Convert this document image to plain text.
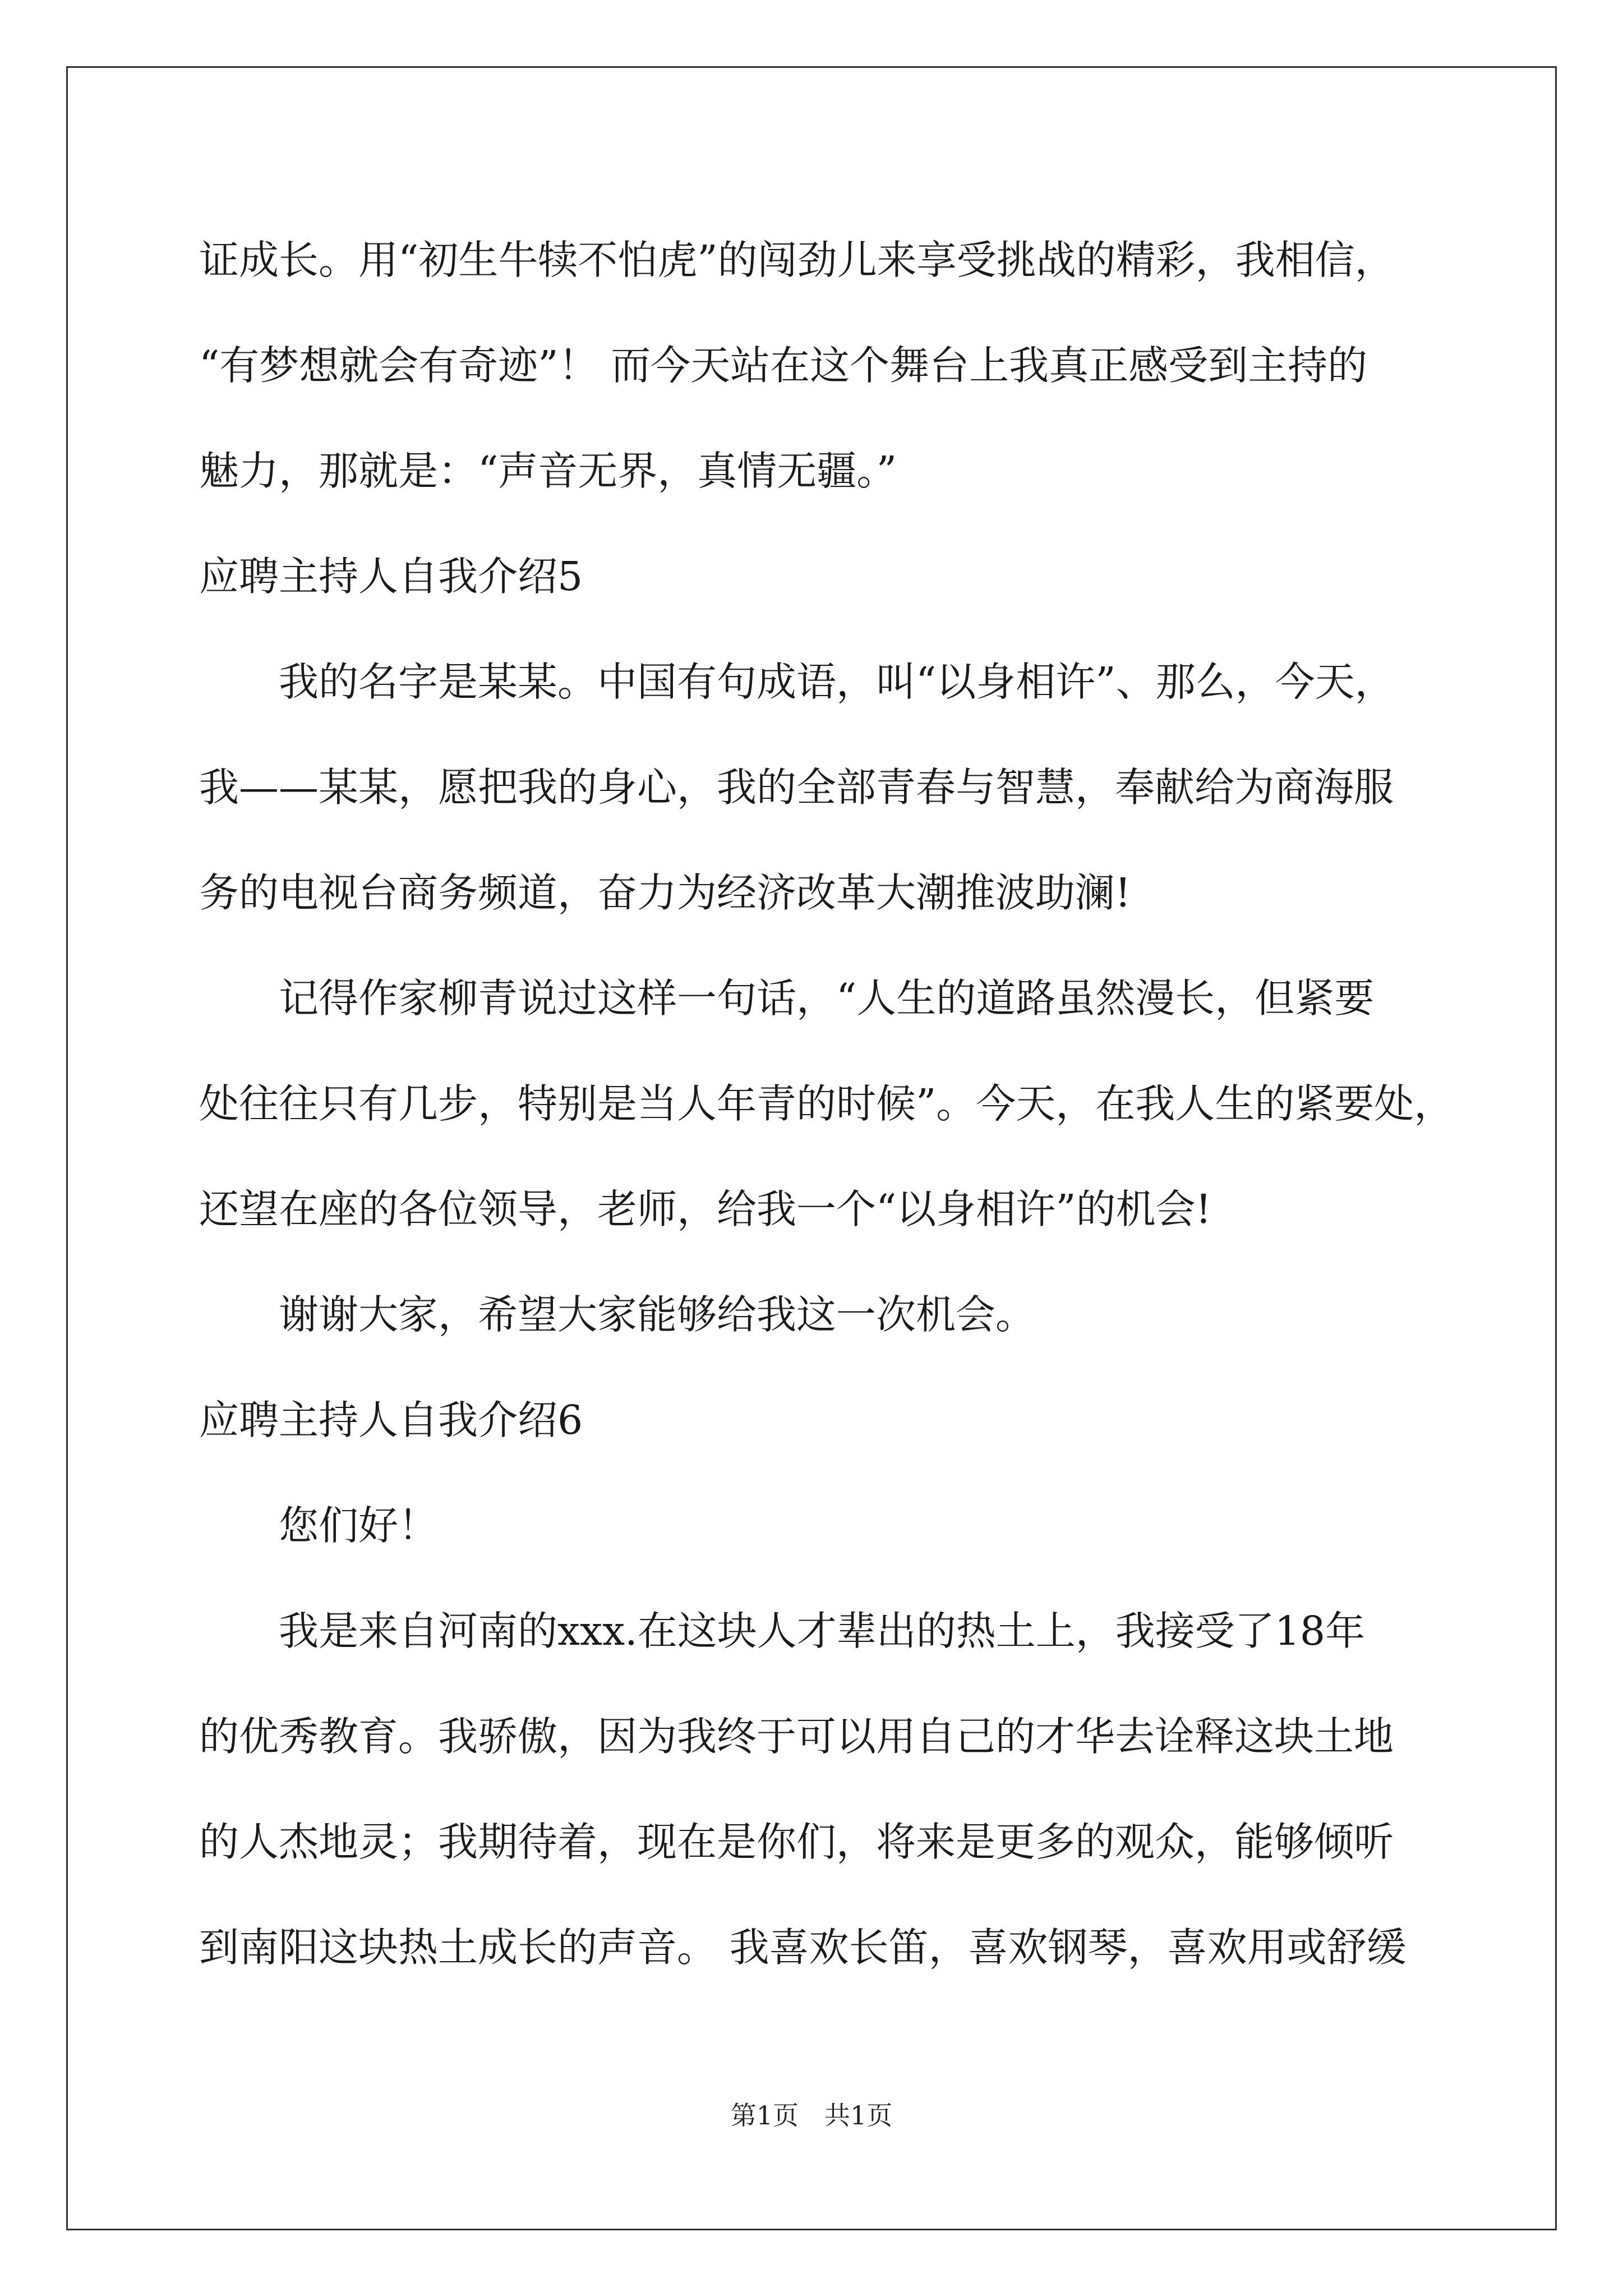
证成长。用“初生牛犊不怕虎”的闯劲儿来享受挑战的精彩，我相信，
“有梦想就会有奇迹”！ 而今天站在这个舞台上我真正感受到主持的
魅力，那就是：“声音无界，真情无疆。”
应聘主持人自我介绍5
　　我的名字是某某。中国有句成语，叫“以身相许”、那么，今天，
我——某某，愿把我的身心，我的全部青春与智慧，奉献给为商海服
务的电视台商务频道，奋力为经济改革大潮推波助澜!
　　记得作家柳青说过这样一句话，“人生的道路虽然漫长，但紧要
处往往只有几步，特别是当人年青的时候”。今天，在我人生的紧要处，
还望在座的各位领导，老师，给我一个“以身相许”的机会!
　　谢谢大家，希望大家能够给我这一次机会。
应聘主持人自我介绍6
　　您们好！
　　我是来自河南的xxx.在这块人才辈出的热土上，我接受了18年
的优秀教育。我骄傲，因为我终于可以用自己的才华去诠释这块土地
的人杰地灵；我期待着，现在是你们，将来是更多的观众，能够倾听
到南阳这块热土成长的声音。 我喜欢长笛，喜欢钢琴，喜欢用或舒缓
第1页　共1页
